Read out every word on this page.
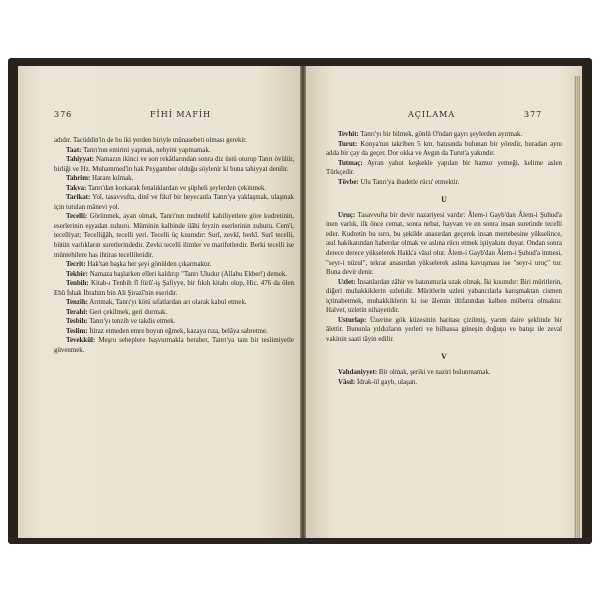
376	FÎHİ MAFİH

adıdır. Tacüddin'in de bu iki yerden biriyle münasebeti olması gerekir.

Taat: Tanrı'nın emirini yapmak, nehyini yapmamak.

Tahiyyat: Namazın ikinci ve son rekâtlarından sonra diz üstü oturup Tanrı övülür, birliği ve Hz. Muhammed'in hak Peygamber olduğu söylenir ki buna tahiyyat denilir.

Tahrim: Haram kılmak.

Takva: Tanrı'dan korkarak fenalıklardan ve şüpheli şeylerden çekinmek.

Tarikat: Yol, tasavvufta, dinî ve fikrî bir heyecanla Tanrı'ya yaklaşmak, ulaşmak için tutulan mânevi yol.

Tecelli: Görünmek, ayan olmak, Tanrı'nın muhtelif kabiliyetlere göre kudretinin, eserlerinin eşyadan zuhuru. Müminin kalbinde ilâhi feyzin eserlerinin zuhuru. Cem'i, tecelliyat; Tecelliğâh, tecelli yeri. Tecelli üç kısımdır: Surî, zevkî, berkî. Surî tecelli, bütün varlıkların suretlerindedir. Zevki tecelli ilimler ve marifetlerdir. Berki tecelli ise müntehilere has ihtiras tecellileridir.

Tecrit: Hak'tan başka her şeyi gönülden çıkarmaktır.

Tekbir: Namaza başlarken elleri kaldırıp "Tanrı Uludur (Allahu Ekber!) demek.

Tenbih: Kitab-ı Tenbih fî fürû'-iş Şafiyye, bir fıkıh kitabı olup, Hic. 476 da ölen Ebû İshak İbrahim bin Ali Şirazî'nin eseridir.

Tenzih: Arıtmak, Tanrı'yı kötü sıfatlardan arı olarak kabul etmek.

Terahi: Geri çekilmek, geri durmak.

Tesbih: Tanrı'yı tenzih ve takdis etmek.

Teslim: İtiraz etmeden emre boyun eğmek, kazaya rıza, belâya sabretme.

Tevekkül: Meşru sebeplere başvurmakla beraber, Tanrı'ya tam bir teslimiyetle güvenmek.

AÇILAMA	377

Tevhit: Tanrı'yı bir bilmek, gönlü O'ndan gayrı şeylerden ayırmak.

Turut: Konya'nın takriben 5 km. batısında bulunan bir yöredir, buradan aynı adda bir çay da geçer. Dor okka ve Avgın da Turut'a yakındır.

Tutmaç: Ayran yahut keşkekle yapılan bir hamur yemeği, kelime aslen Türkçedir.

Tövbe: Ulu Tanrı'ya ibadetle rücu' etmektir.

U

Uruç: Tasavvufta bir devir nazariyesi vardır: Âlem-i Gayb'dan Âlem-i Şuhud'a inen varlık, ilk önce cemat, sonra nebat, hayvan ve en sonra insan suretinde tecelli eder. Kudretin bu sırrı, bu şekilde anasırdan geçerek insan mertebesine yükselince, asıl hakikatından haberdar olmak ve aslına rücu etmek iştiyakını duyar. Ondan sonra derece derece yükselerek Hakk'a vâsıl olur. Âlem-i Gayb'dan Âlem-i Şuhud'a inmesi, "seyr-i nüzul", tekrar anasırdan yükselerek aslına kavuşması ise "seyr-i uruç" tur. Buna devir denir.

Uzlet: İnsanlardan zâhir ve batınımızla uzak olmak. İki kısımdır: Biri müritlerin, diğeri muhakkiklerin uzletidir. Müritlerin uzleti yabancılarla karışmaktan cismen içtinabetmek, muhakkiklerin ki ise âlemin iltifatından kalben müberra olmaktır. Halvet, uzletin nihayetidir.

Usturlap: Üzerine gök küzesinin haritası çizilmiş, yarım daire şeklinde bir âlettir. Bununla yıldızların yerleri ve bilhassa güneşin doğuşu ve batışı ile zeval vakinin saati tâyin edilir.

V

Vahdaniyyet: Bir olmak, şeriki ve naziri bulunmamak.

Vâsıl: İdrak-ül gayb, ulaşan.
